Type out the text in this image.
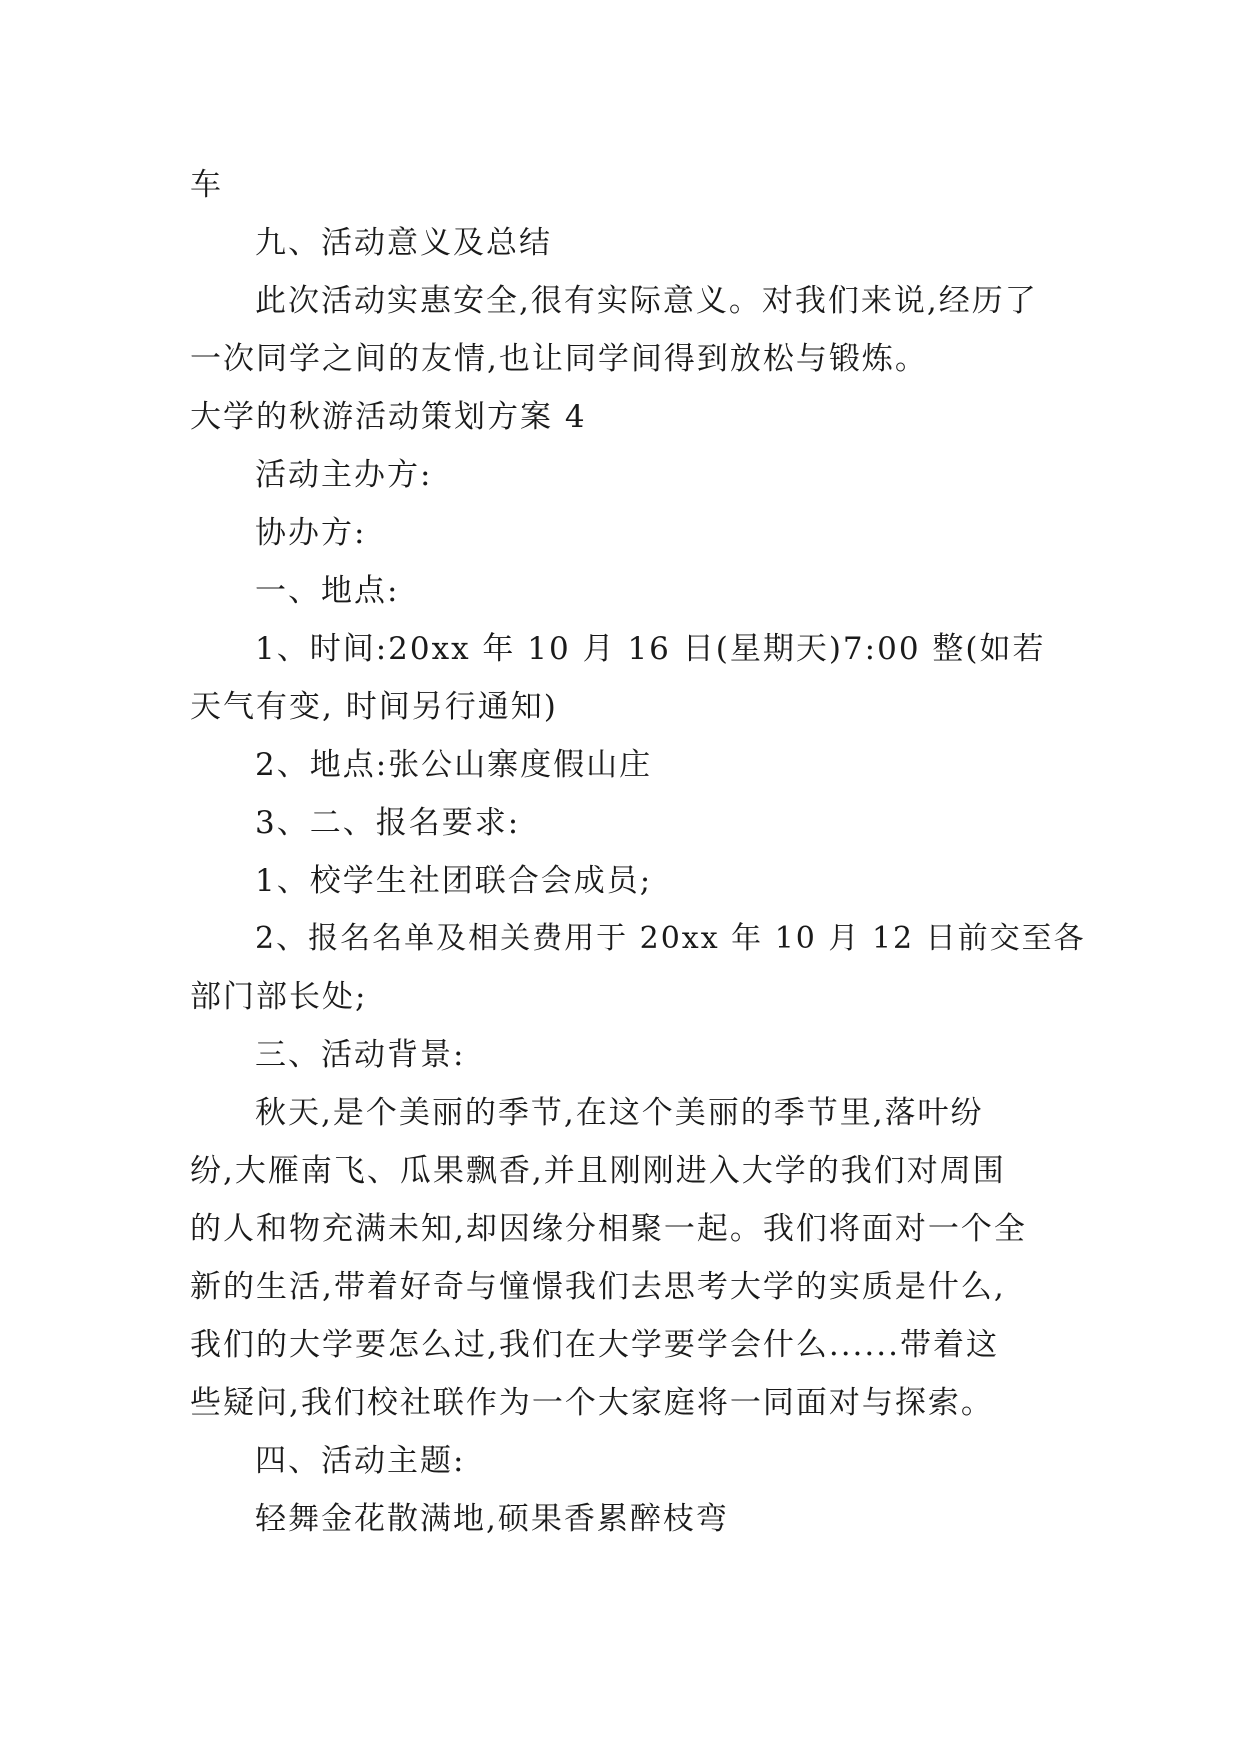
车
九、活动意义及总结
此次活动实惠安全,很有实际意义。对我们来说,经历了
一次同学之间的友情,也让同学间得到放松与锻炼。
大学的秋游活动策划方案 4
活动主办方:
协办方:
一、地点:
1、时间:20xx 年 10 月 16 日(星期天)7:00 整(如若
天气有变, 时间另行通知)
2、地点:张公山寨度假山庄
3、二、报名要求:
1、校学生社团联合会成员;
2、报名名单及相关费用于 20xx 年 10 月 12 日前交至各
部门部长处;
三、活动背景:
秋天,是个美丽的季节,在这个美丽的季节里,落叶纷
纷,大雁南飞、瓜果飘香,并且刚刚进入大学的我们对周围
的人和物充满未知,却因缘分相聚一起。我们将面对一个全
新的生活,带着好奇与憧憬我们去思考大学的实质是什么,
我们的大学要怎么过,我们在大学要学会什么......带着这
些疑问,我们校社联作为一个大家庭将一同面对与探索。
四、活动主题:
轻舞金花散满地,硕果香累醉枝弯
